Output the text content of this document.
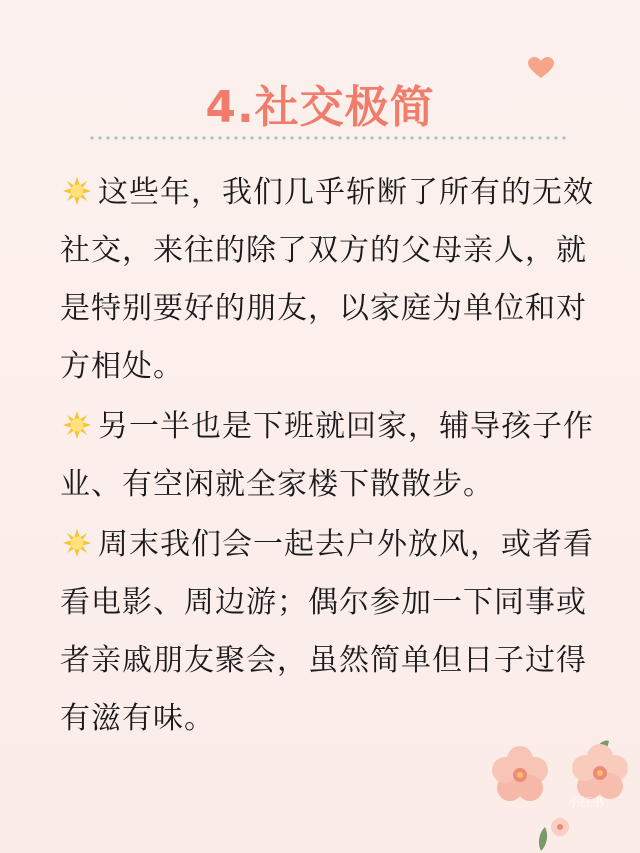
4.社交极简

这些年，我们几乎斩断了所有的无效社交，来往的除了双方的父母亲人，就是特别要好的朋友，以家庭为单位和对方相处。

另一半也是下班就回家，辅导孩子作业、有空闲就全家楼下散散步。

周末我们会一起去户外放风，或者看看电影、周边游；偶尔参加一下同事或者亲戚朋友聚会，虽然简单但日子过得有滋有味。

小红书
